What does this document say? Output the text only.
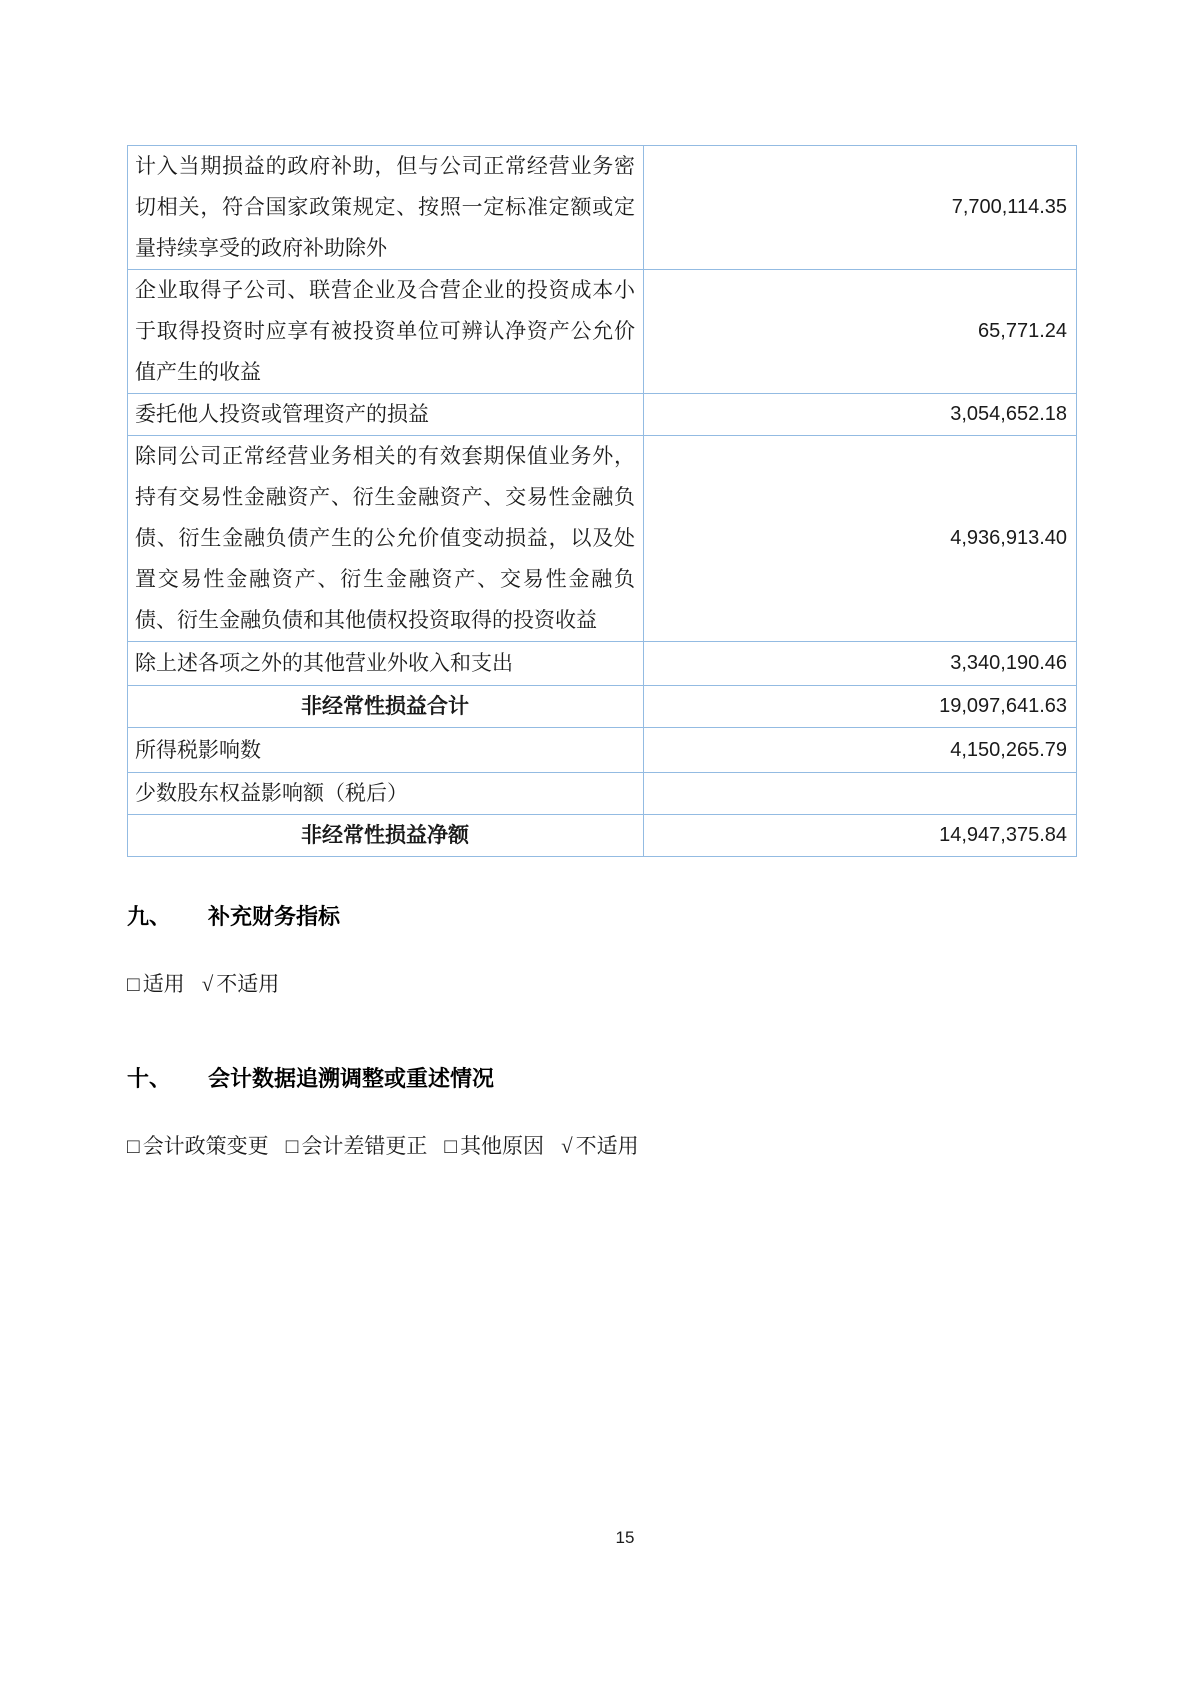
计入当期损益的政府补助，但与公司正常经营业务密切相关，符合国家政策规定、按照一定标准定额或定量持续享受的政府补助除外	7,700,114.35
企业取得子公司、联营企业及合营企业的投资成本小于取得投资时应享有被投资单位可辨认净资产公允价值产生的收益	65,771.24
委托他人投资或管理资产的损益	3,054,652.18
除同公司正常经营业务相关的有效套期保值业务外，持有交易性金融资产、衍生金融资产、交易性金融负债、衍生金融负债产生的公允价值变动损益，以及处置交易性金融资产、衍生金融资产、交易性金融负债、衍生金融负债和其他债权投资取得的投资收益	4,936,913.40
除上述各项之外的其他营业外收入和支出	3,340,190.46
非经常性损益合计	19,097,641.63
所得税影响数	4,150,265.79
少数股东权益影响额（税后）	
非经常性损益净额	14,947,375.84
九、 补充财务指标
□ 适用 √ 不适用
十、 会计数据追溯调整或重述情况
□ 会计政策变更 □ 会计差错更正 □ 其他原因 √ 不适用
15
